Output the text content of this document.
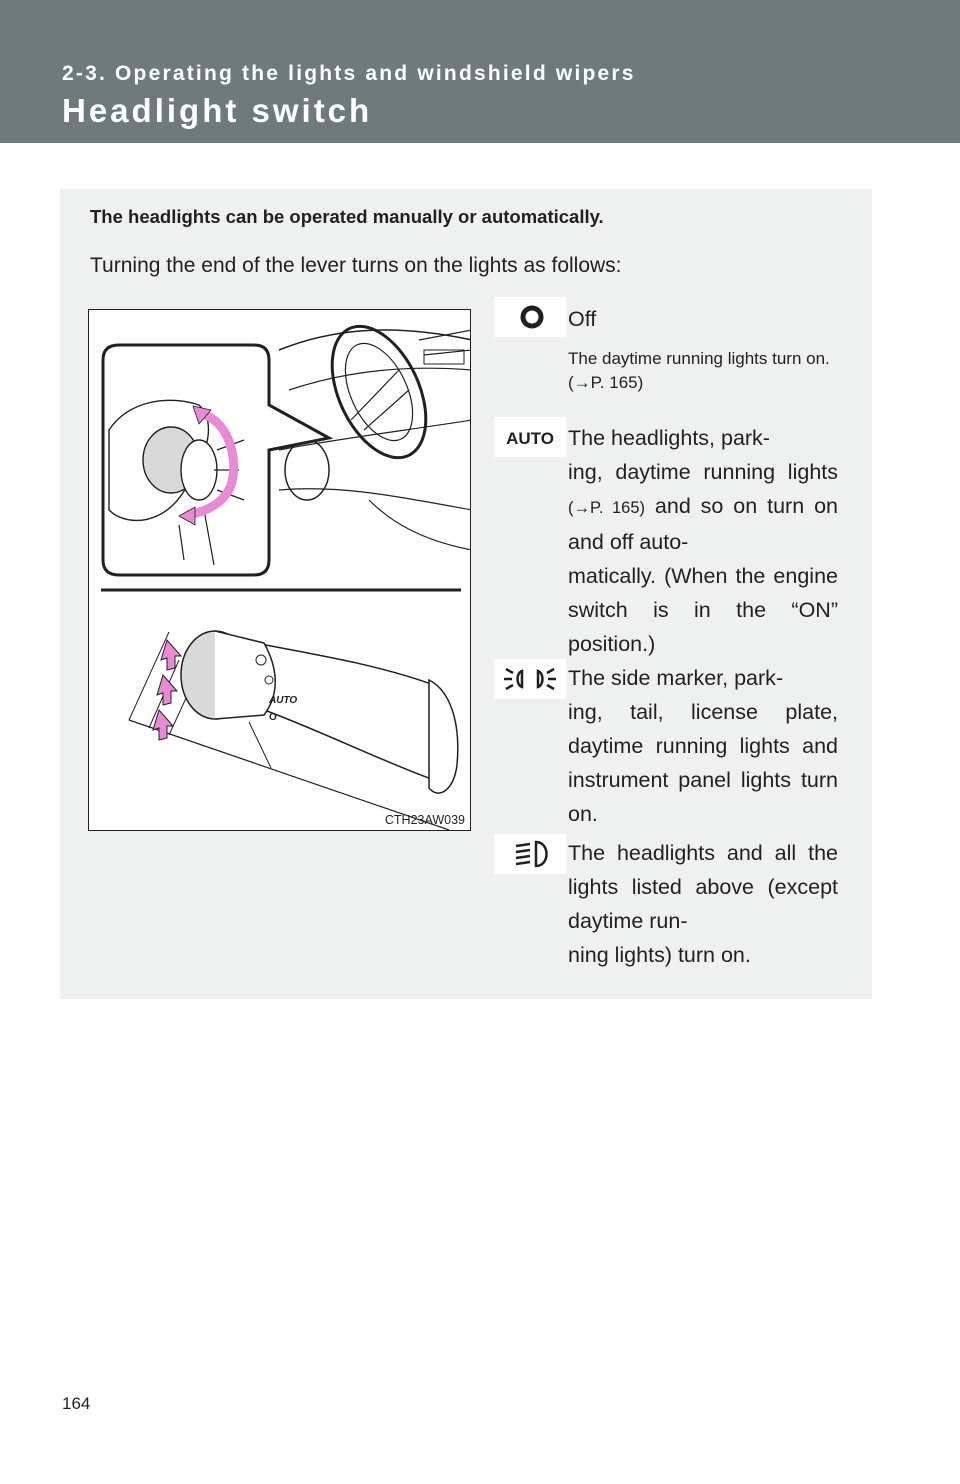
2-3. Operating the lights and windshield wipers
Headlight switch
The headlights can be operated manually or automatically.
Turning the end of the lever turns on the lights as follows:
AUTO
O
CTH23AW039
Off
The daytime running lights turn on. (→P. 165)
AUTO The headlights, park-
ing, daytime running lights (→P. 165) and so on turn on and off auto-
matically. (When the engine switch is in the “ON” position.)
The side marker, park-
ing, tail, license plate, daytime running lights and instrument panel lights turn on.
The headlights and all the lights listed above (except daytime run-
ning lights) turn on.
164
